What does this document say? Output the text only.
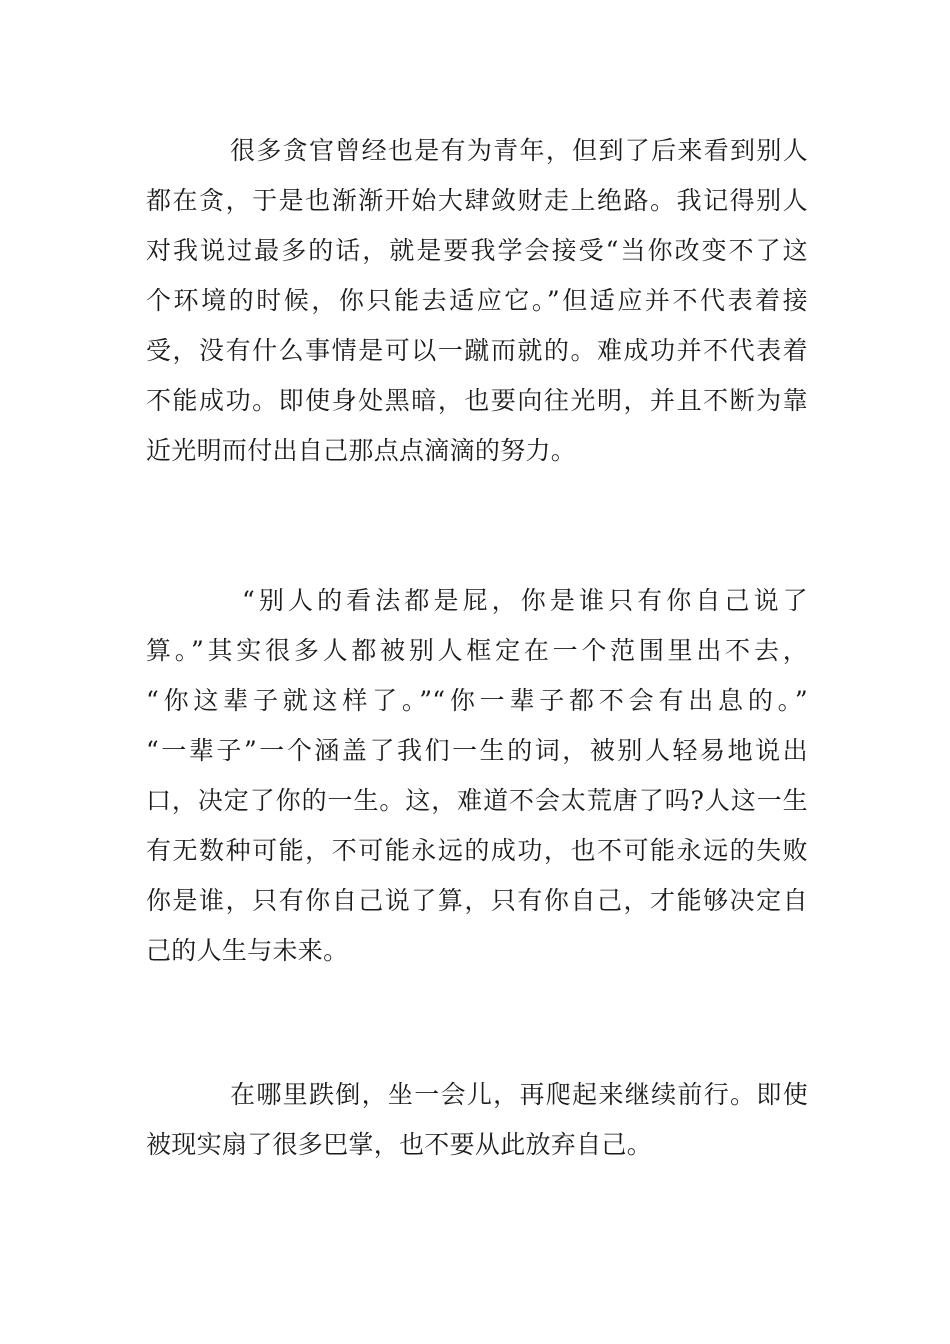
很多贪官曾经也是有为青年，但到了后来看到别人
都在贪，于是也渐渐开始大肆敛财走上绝路。我记得别人
对我说过最多的话，就是要我学会接受“当你改变不了这
个环境的时候，你只能去适应它。”但适应并不代表着接
受，没有什么事情是可以一蹴而就的。难成功并不代表着
不能成功。即使身处黑暗，也要向往光明，并且不断为靠
近光明而付出自己那点点滴滴的努力。
“别人的看法都是屁，你是谁只有你自己说了
算。”其实很多人都被别人框定在一个范围里出不去，
“你这辈子就这样了。”“你一辈子都不会有出息的。”
“一辈子”一个涵盖了我们一生的词，被别人轻易地说出
口，决定了你的一生。这，难道不会太荒唐了吗?人这一生
有无数种可能，不可能永远的成功，也不可能永远的失败
你是谁，只有你自己说了算，只有你自己，才能够决定自
己的人生与未来。
在哪里跌倒，坐一会儿，再爬起来继续前行。即使
被现实扇了很多巴掌，也不要从此放弃自己。
